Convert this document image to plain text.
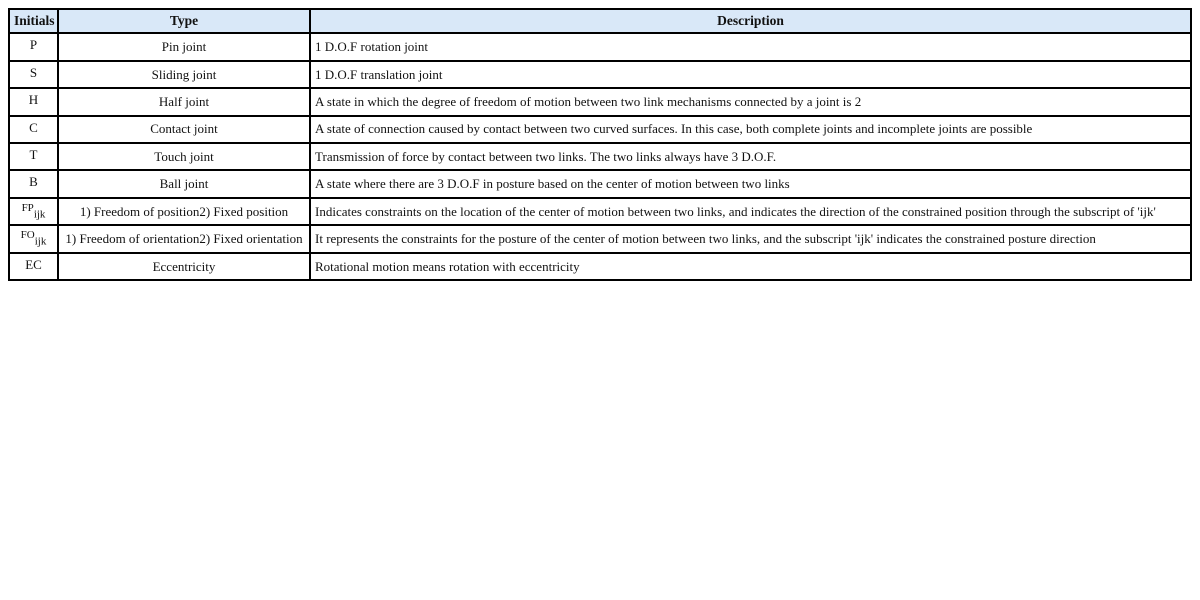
Initials	Type	Description
P	Pin joint	1 D.O.F rotation joint
S	Sliding joint	1 D.O.F translation joint
H	Half joint	A state in which the degree of freedom of motion between two link mechanisms connected by a joint is 2
C	Contact joint	A state of connection caused by contact between two curved surfaces. In this case, both complete joints and incomplete joints are possible
T	Touch joint	Transmission of force by contact between two links. The two links always have 3 D.O.F.
B	Ball joint	A state where there are 3 D.O.F in posture based on the center of motion between two links
$^{FP}_{ijk}$	1) Freedom of position2) Fixed position	Indicates constraints on the location of the center of motion between two links, and indicates the direction of the constrained position through the subscript of 'ijk'
$^{FO}_{ijk}$	1) Freedom of orientation2) Fixed orientation	It represents the constraints for the posture of the center of motion between two links, and the subscript 'ijk' indicates the constrained posture direction
EC	Eccentricity	Rotational motion means rotation with eccentricity
